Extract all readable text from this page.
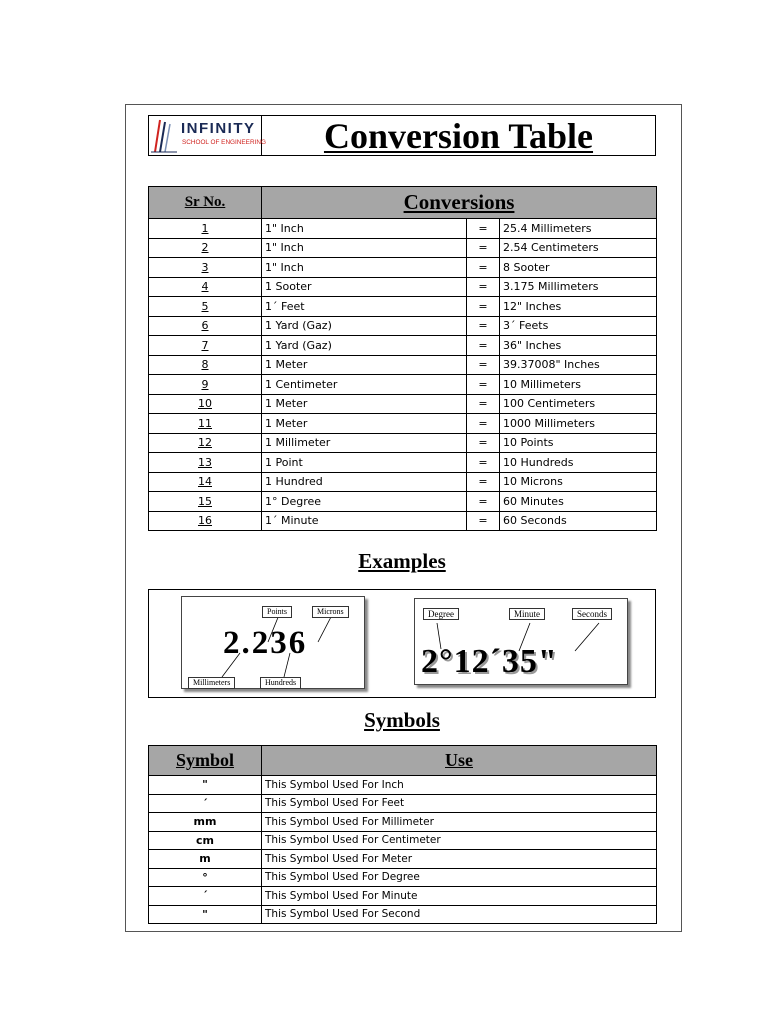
INFINITY
SCHOOL OF ENGINEERING	Conversion Table
Sr No.	Conversions		
1	1" Inch	=	25.4 Millimeters
2	1" Inch	=	2.54 Centimeters
3	1" Inch	=	8 Sooter
4	1 Sooter	=	3.175 Millimeters
5	1´ Feet	=	12" Inches
6	1 Yard (Gaz)	=	3´ Feets
7	1 Yard (Gaz)	=	36" Inches
8	1 Meter	=	39.37008" Inches
9	1 Centimeter	=	10 Millimeters
10	1 Meter	=	100 Centimeters
11	1 Meter	=	1000 Millimeters
12	1 Millimeter	=	10 Points
13	1 Point	=	10 Hundreds
14	1 Hundred	=	10 Microns
15	1° Degree	=	60 Minutes
16	1´ Minute	=	60 Seconds
Examples
Points	Microns
2.236
Millimeters	Hundreds
Degree	Minute	Seconds
2°12´35"
Symbols
Symbol	Use
"	This Symbol Used For Inch
´	This Symbol Used For Feet
mm	This Symbol Used For Millimeter
cm	This Symbol Used For Centimeter
m	This Symbol Used For Meter
°	This Symbol Used For Degree
´	This Symbol Used For Minute
"	This Symbol Used For Second
